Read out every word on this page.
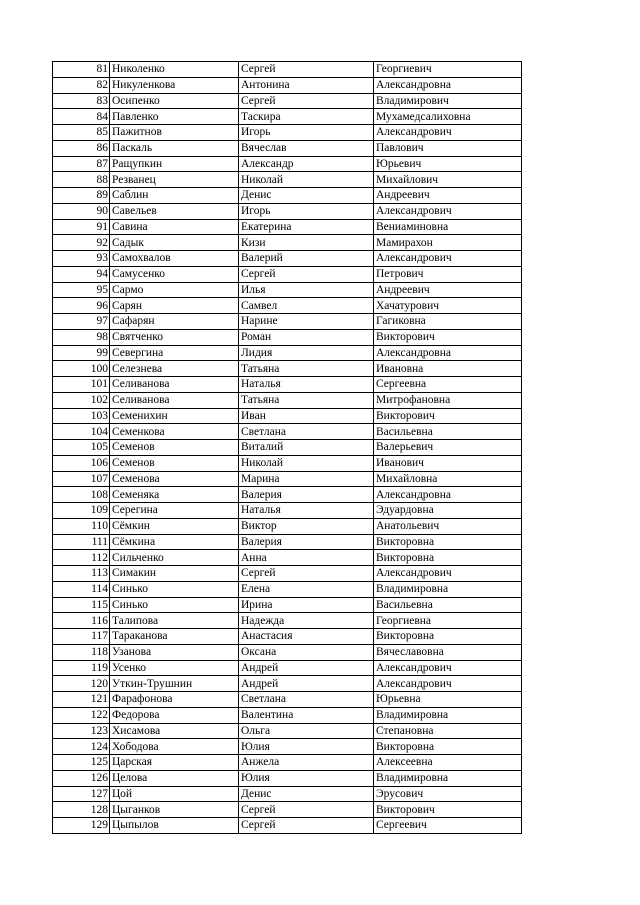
81	Николенко	Сергей	Георгиевич
82	Никуленкова	Антонина	Александровна
83	Осипенко	Сергей	Владимирович
84	Павленко	Таскира	Мухамедсалиховна
85	Пажитнов	Игорь	Александрович
86	Паскаль	Вячеслав	Павлович
87	Ращупкин	Александр	Юрьевич
88	Резванец	Николай	Михайлович
89	Саблин	Денис	Андреевич
90	Савельев	Игорь	Александрович
91	Савина	Екатерина	Вениаминовна
92	Садык	Кизи	Мамирахон
93	Самохвалов	Валерий	Александрович
94	Самусенко	Сергей	Петрович
95	Сармо	Илья	Андреевич
96	Сарян	Самвел	Хачатурович
97	Сафарян	Нарине	Гагиковна
98	Святченко	Роман	Викторович
99	Севергина	Лидия	Александровна
100	Селезнева	Татьяна	Ивановна
101	Селиванова	Наталья	Сергеевна
102	Селиванова	Татьяна	Митрофановна
103	Семенихин	Иван	Викторович
104	Семенкова	Светлана	Васильевна
105	Семенов	Виталий	Валерьевич
106	Семенов	Николай	Иванович
107	Семенова	Марина	Михайловна
108	Семеняка	Валерия	Александровна
109	Серегина	Наталья	Эдуардовна
110	Сёмкин	Виктор	Анатольевич
111	Сёмкина	Валерия	Викторовна
112	Сильченко	Анна	Викторовна
113	Симакин	Сергей	Александрович
114	Синько	Елена	Владимировна
115	Синько	Ирина	Васильевна
116	Талипова	Надежда	Георгиевна
117	Тараканова	Анастасия	Викторовна
118	Узанова	Оксана	Вячеславовна
119	Усенко	Андрей	Александрович
120	Уткин-Трушнин	Андрей	Александрович
121	Фарафонова	Светлана	Юрьевна
122	Федорова	Валентина	Владимировна
123	Хисамова	Ольга	Степановна
124	Хободова	Юлия	Викторовна
125	Царская	Анжела	Алексеевна
126	Целова	Юлия	Владимировна
127	Цой	Денис	Эрусович
128	Цыганков	Сергей	Викторович
129	Цыпылов	Сергей	Сергеевич
